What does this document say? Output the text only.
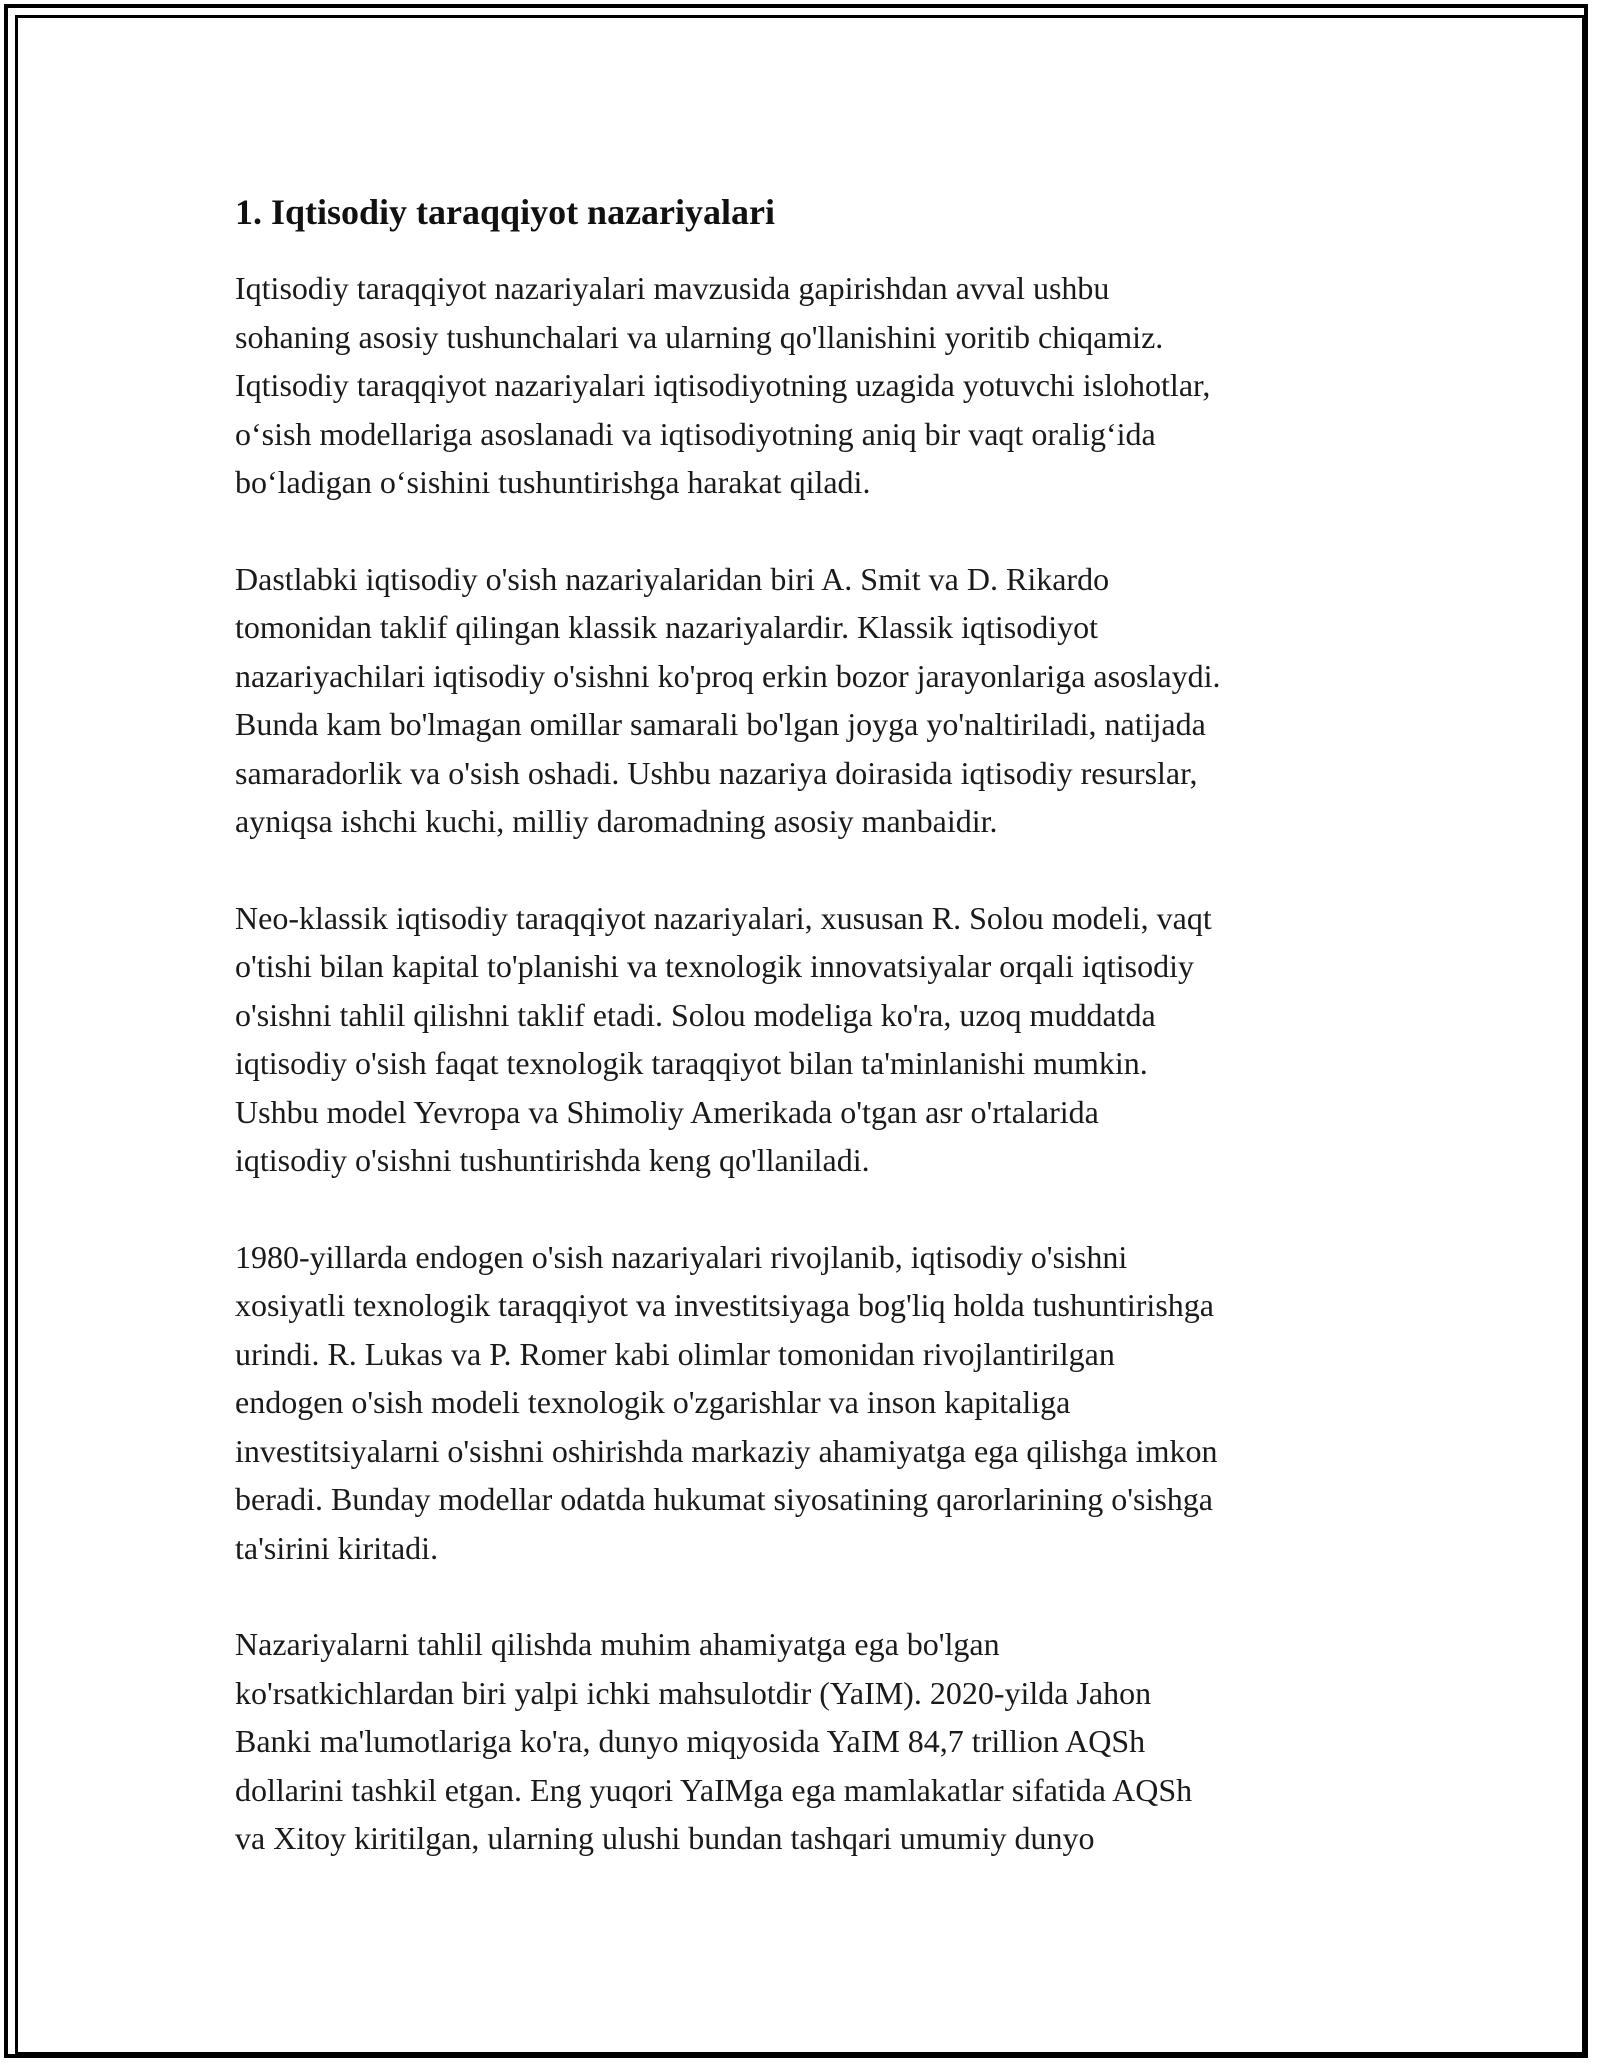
1. Iqtisodiy taraqqiyot nazariyalari

Iqtisodiy taraqqiyot nazariyalari mavzusida gapirishdan avval ushbu
sohaning asosiy tushunchalari va ularning qo'llanishini yoritib chiqamiz.
Iqtisodiy taraqqiyot nazariyalari iqtisodiyotning uzagida yotuvchi islohotlar,
o‘sish modellariga asoslanadi va iqtisodiyotning aniq bir vaqt oralig‘ida
bo‘ladigan o‘sishini tushuntirishga harakat qiladi.

Dastlabki iqtisodiy o'sish nazariyalaridan biri A. Smit va D. Rikardo
tomonidan taklif qilingan klassik nazariyalardir. Klassik iqtisodiyot
nazariyachilari iqtisodiy o'sishni ko'proq erkin bozor jarayonlariga asoslaydi.
Bunda kam bo'lmagan omillar samarali bo'lgan joyga yo'naltiriladi, natijada
samaradorlik va o'sish oshadi. Ushbu nazariya doirasida iqtisodiy resurslar,
ayniqsa ishchi kuchi, milliy daromadning asosiy manbaidir.

Neo-klassik iqtisodiy taraqqiyot nazariyalari, xususan R. Solou modeli, vaqt
o'tishi bilan kapital to'planishi va texnologik innovatsiyalar orqali iqtisodiy
o'sishni tahlil qilishni taklif etadi. Solou modeliga ko'ra, uzoq muddatda
iqtisodiy o'sish faqat texnologik taraqqiyot bilan ta'minlanishi mumkin.
Ushbu model Yevropa va Shimoliy Amerikada o'tgan asr o'rtalarida
iqtisodiy o'sishni tushuntirishda keng qo'llaniladi.

1980-yillarda endogen o'sish nazariyalari rivojlanib, iqtisodiy o'sishni
xosiyatli texnologik taraqqiyot va investitsiyaga bog'liq holda tushuntirishga
urindi. R. Lukas va P. Romer kabi olimlar tomonidan rivojlantirilgan
endogen o'sish modeli texnologik o'zgarishlar va inson kapitaliga
investitsiyalarni o'sishni oshirishda markaziy ahamiyatga ega qilishga imkon
beradi. Bunday modellar odatda hukumat siyosatining qarorlarining o'sishga
ta'sirini kiritadi.

Nazariyalarni tahlil qilishda muhim ahamiyatga ega bo'lgan
ko'rsatkichlardan biri yalpi ichki mahsulotdir (YaIM). 2020-yilda Jahon
Banki ma'lumotlariga ko'ra, dunyo miqyosida YaIM 84,7 trillion AQSh
dollarini tashkil etgan. Eng yuqori YaIMga ega mamlakatlar sifatida AQSh
va Xitoy kiritilgan, ularning ulushi bundan tashqari umumiy dunyo
